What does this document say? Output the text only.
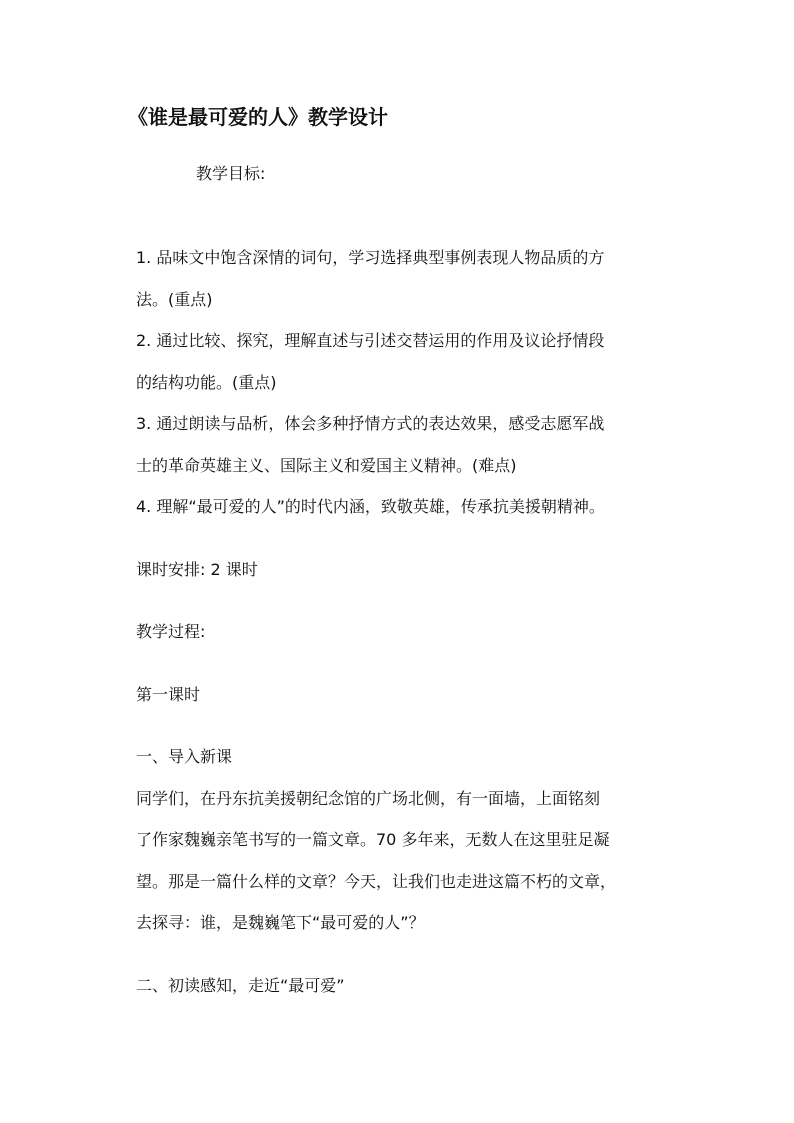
《谁是最可爱的人》教学设计
教学目标:
1. 品味文中饱含深情的词句，学习选择典型事例表现人物品质的方
法。(重点)
2. 通过比较、探究，理解直述与引述交替运用的作用及议论抒情段
的结构功能。(重点)
3. 通过朗读与品析，体会多种抒情方式的表达效果，感受志愿军战
士的革命英雄主义、国际主义和爱国主义精神。(难点)
4. 理解“最可爱的人”的时代内涵，致敬英雄，传承抗美援朝精神。
课时安排: 2 课时
教学过程:
第一课时
一、导入新课
同学们，在丹东抗美援朝纪念馆的广场北侧，有一面墙，上面铭刻
了作家魏巍亲笔书写的一篇文章。70 多年来，无数人在这里驻足凝
望。那是一篇什么样的文章？今天，让我们也走进这篇不朽的文章，
去探寻：谁，是魏巍笔下“最可爱的人”？
二、初读感知，走近“最可爱”
